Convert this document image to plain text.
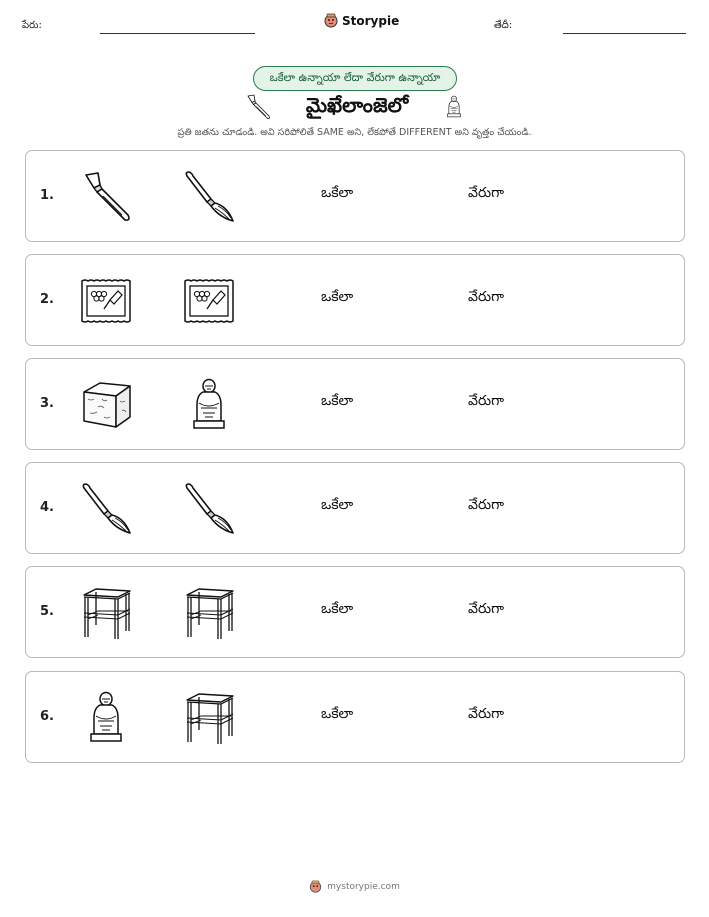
పేరు:	Storypie	తేదీ:
ఒకేలా ఉన్నాయా లేదా వేరుగా ఉన్నాయా
మైఖేలాంజెలో
ప్రతి జతను చూడండి. అవి సరిపోలితే SAME అని, లేకపోతే DIFFERENT అని వృత్తం చేయండి.
1.	ఒకేలా	వేరుగా
2.	ఒకేలా	వేరుగా
3.	ఒకేలా	వేరుగా
4.	ఒకేలా	వేరుగా
5.	ఒకేలా	వేరుగా
6.	ఒకేలా	వేరుగా
mystorypie.com
